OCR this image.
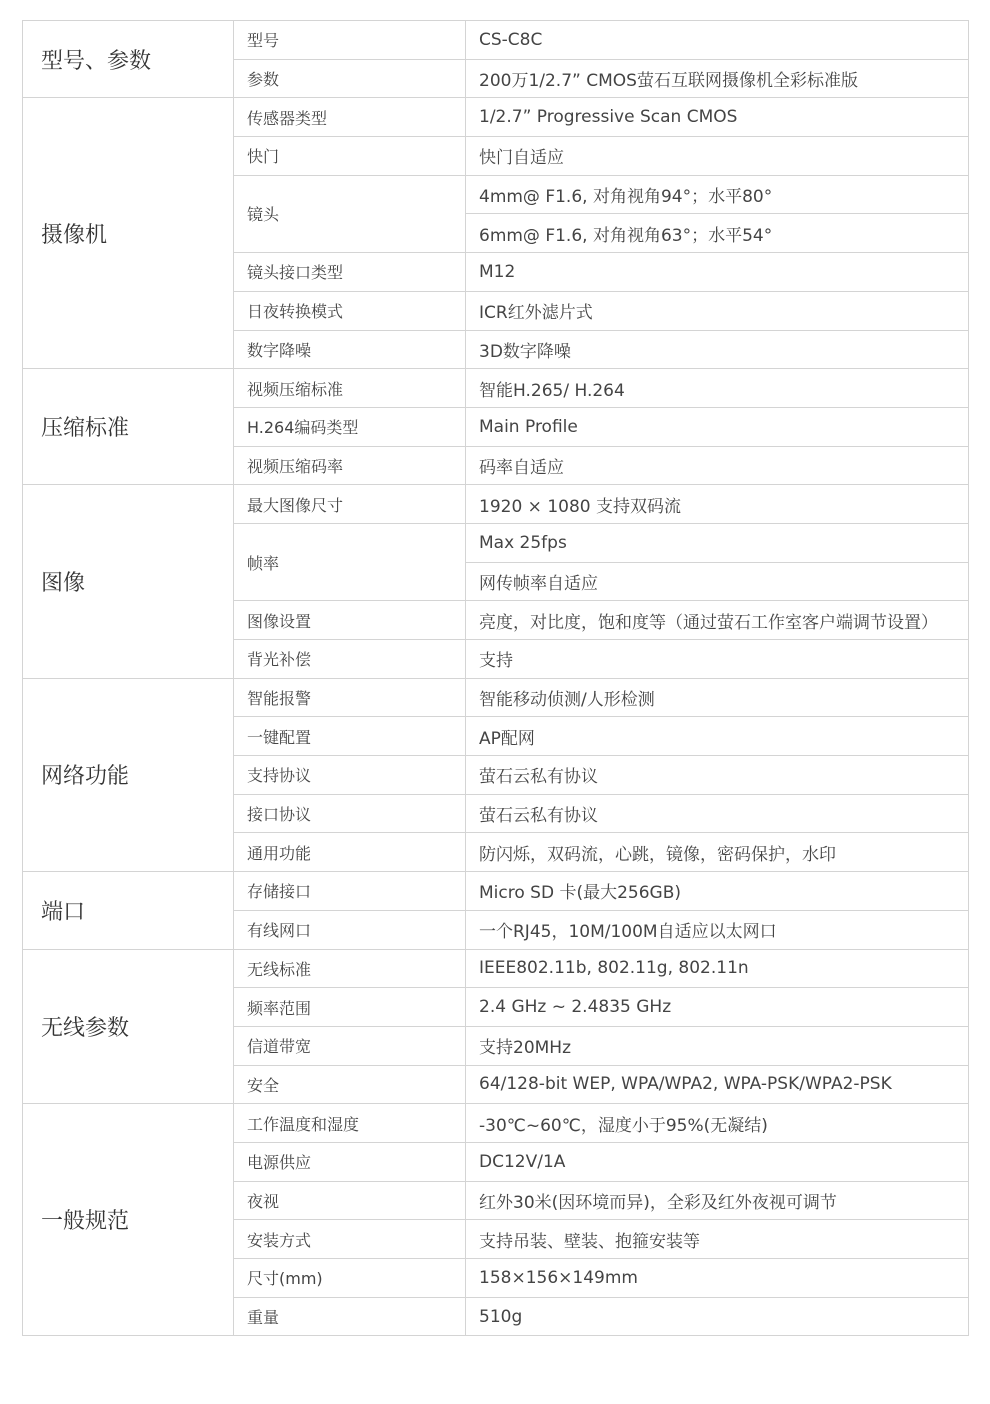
型号、参数	型号	CS-C8C
	参数	200万1/2.7” CMOS萤石互联网摄像机全彩标准版
摄像机	传感器类型	1/2.7” Progressive Scan CMOS
	快门	快门自适应
	镜头	4mm@ F1.6, 对角视角94°；水平80°
		6mm@ F1.6, 对角视角63°；水平54°
	镜头接口类型	M12
	日夜转换模式	ICR红外滤片式
	数字降噪	3D数字降噪
压缩标准	视频压缩标准	智能H.265/ H.264
	H.264编码类型	Main Profile
	视频压缩码率	码率自适应
图像	最大图像尺寸	1920 × 1080 支持双码流
	帧率	Max 25fps
		网传帧率自适应
	图像设置	亮度，对比度，饱和度等（通过萤石工作室客户端调节设置）
	背光补偿	支持
网络功能	智能报警	智能移动侦测/人形检测
	一键配置	AP配网
	支持协议	萤石云私有协议
	接口协议	萤石云私有协议
	通用功能	防闪烁，双码流，心跳，镜像，密码保护，水印
端口	存储接口	Micro SD 卡(最大256GB)
	有线网口	一个RJ45，10M/100M自适应以太网口
无线参数	无线标准	IEEE802.11b, 802.11g, 802.11n
	频率范围	2.4 GHz ~ 2.4835 GHz
	信道带宽	支持20MHz
	安全	64/128-bit WEP, WPA/WPA2, WPA-PSK/WPA2-PSK
一般规范	工作温度和湿度	-30℃~60℃，湿度小于95%(无凝结)
	电源供应	DC12V/1A
	夜视	红外30米(因环境而异)，全彩及红外夜视可调节
	安装方式	支持吊装、壁装、抱箍安装等
	尺寸(mm)	158×156×149mm
	重量	510g
